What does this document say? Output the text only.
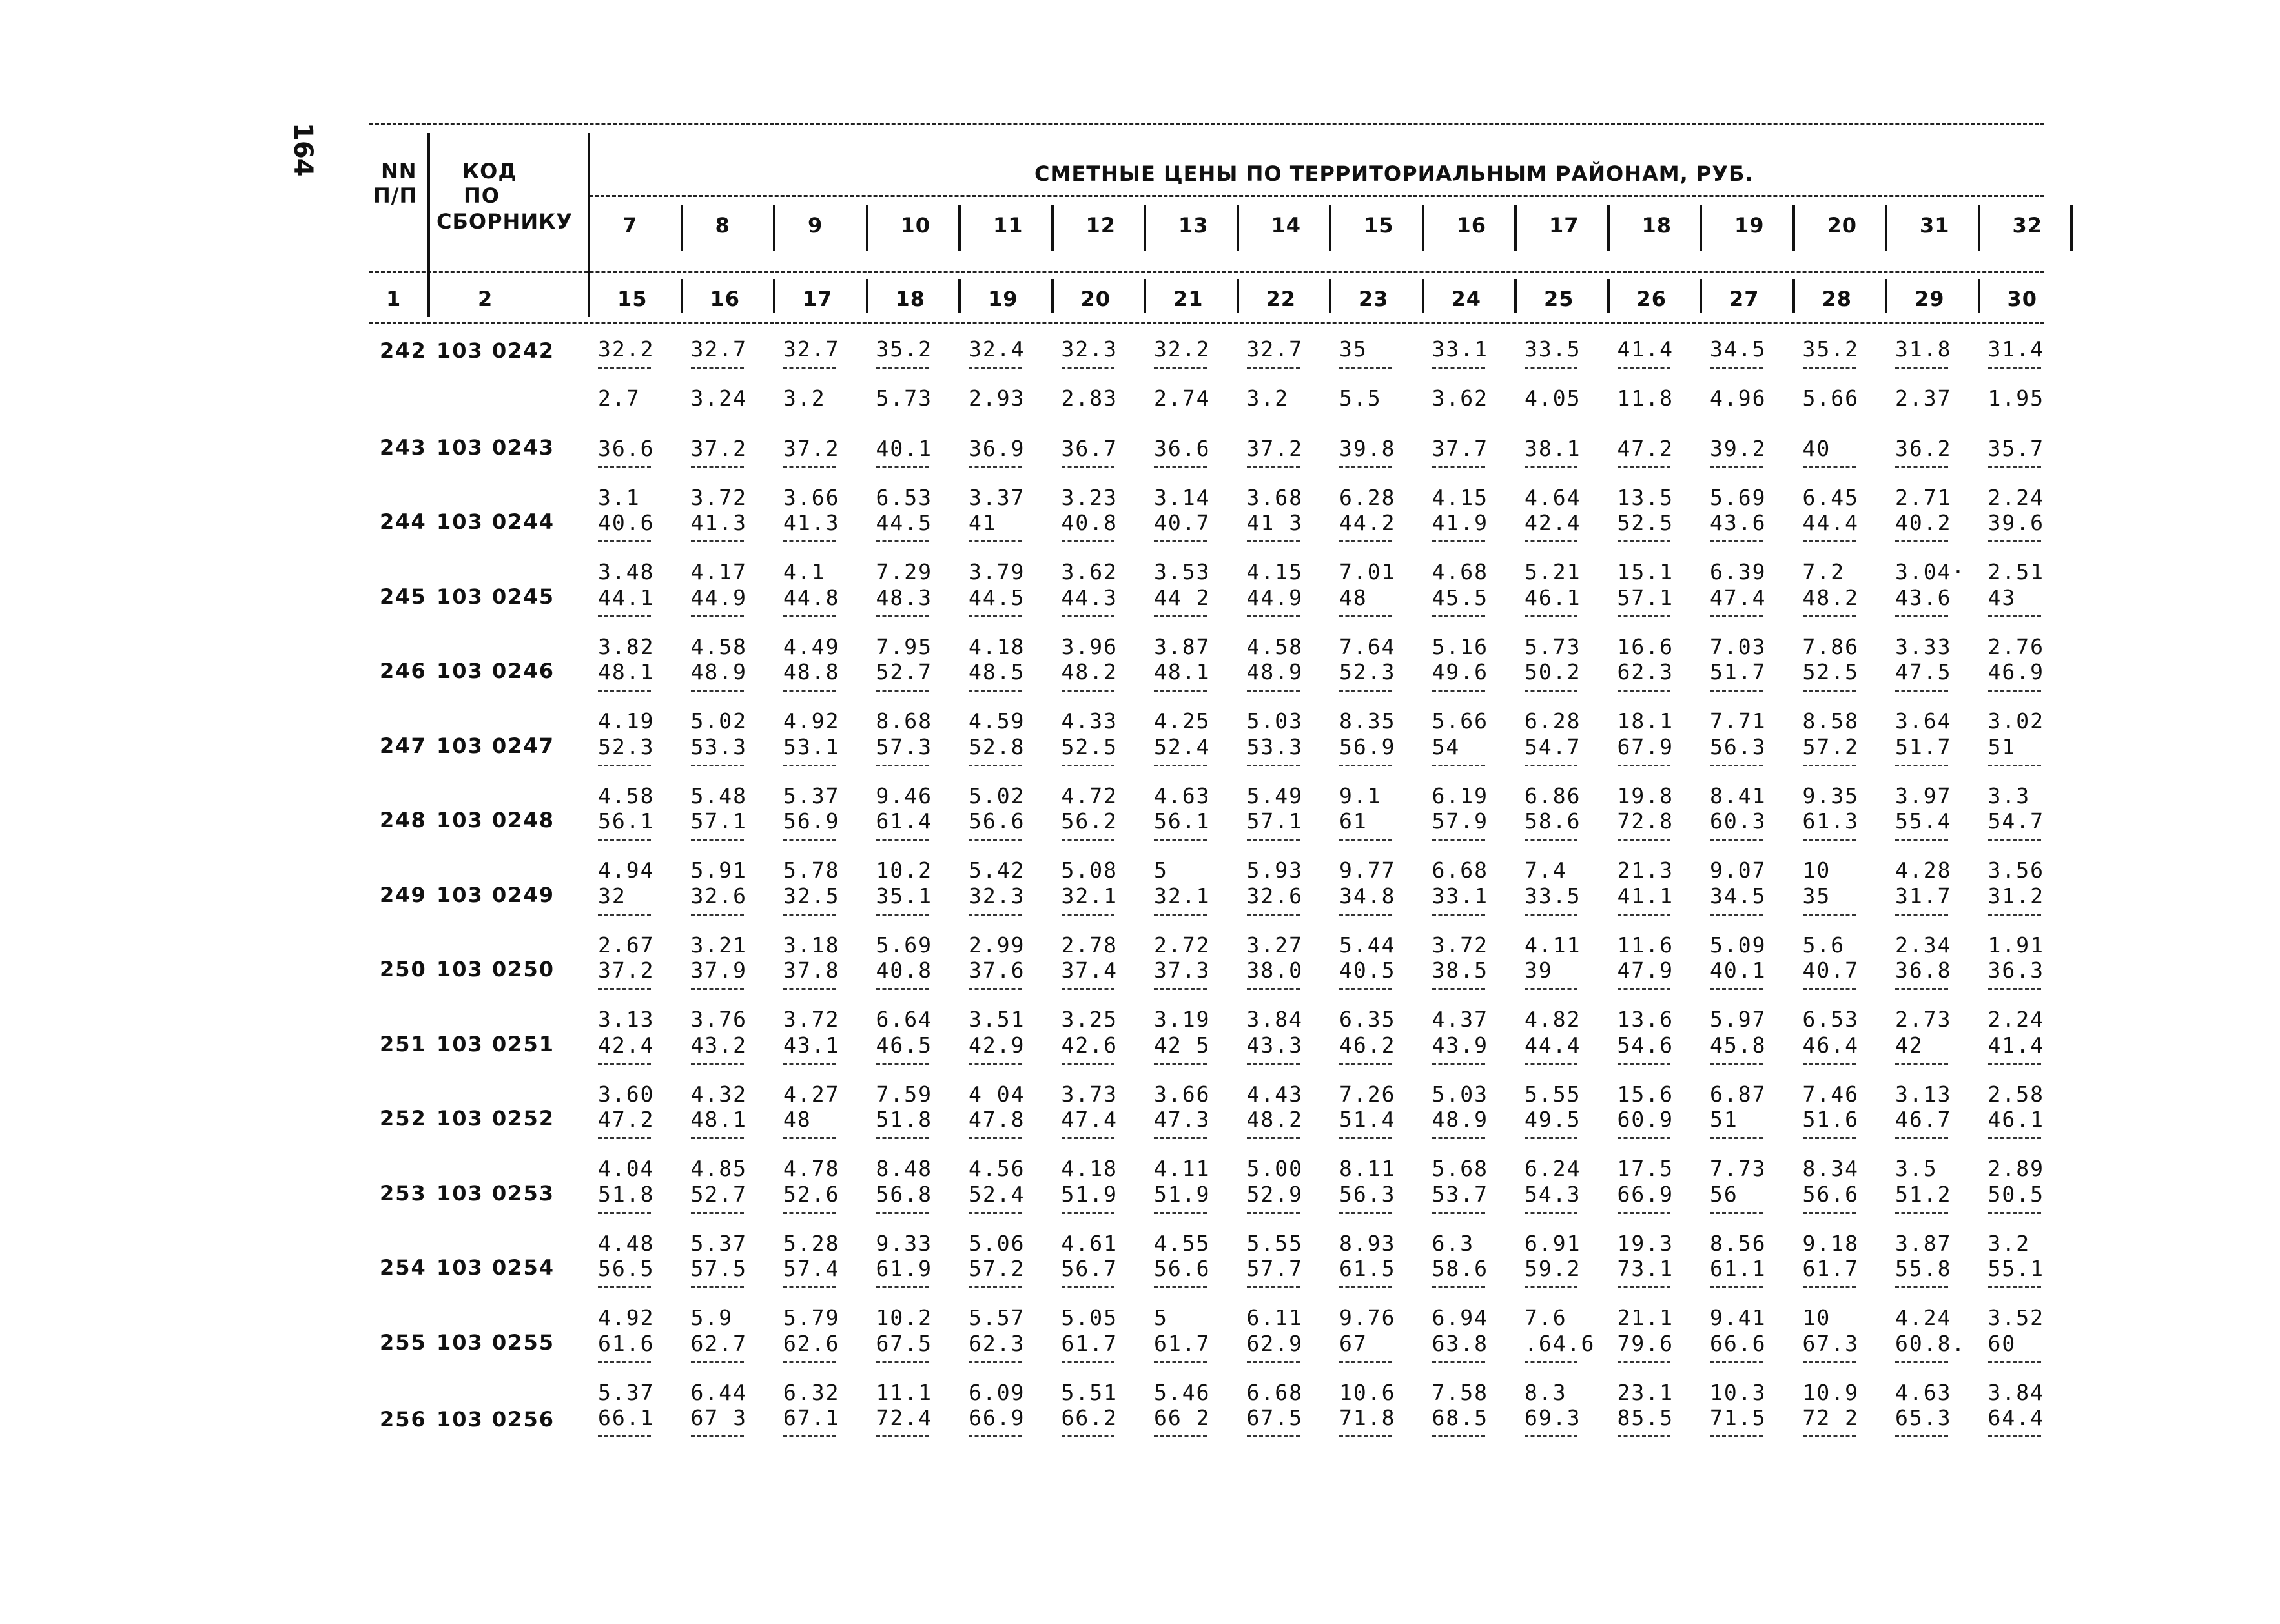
164	NN
П/П
КОД
ПО
СБОРНИКУ
СМЕТНЫЕ ЦЕНЫ ПО ТЕРРИТОРИАЛЬНЫМ РАЙОНАМ, РУБ.
1	2
7
15
8
16
9
17
10
18
11
19
12
20
13
21
14
22
15
23
16
24
17
25
18
26
19
27
20
28
31
29
32
30
242 103 0242 32.2
2.7
32.7
3.24
32.7
3.2
35.2
5.73
32.4
2.93
32.3
2.83
32.2
2.74
32.7
3.2
35
5.5
33.1
3.62
33.5
4.05
41.4
11.8
34.5
4.96
35.2
5.66
31.8
2.37
31.4
1.95
243 103 0243 36.6
3.1
37.2
3.72
37.2
3.66
40.1
6.53
36.9
3.37
36.7
3.23
36.6
3.14
37.2
3.68
39.8
6.28
37.7
4.15
38.1
4.64
47.2
13.5
39.2
5.69
40
6.45
36.2
2.71
35.7
2.24
244 103 0244 40.6
3.48
41.3
4.17
41.3
4.1
44.5
7.29
41
3.79
40.8
3.62
40.7
3.53
41 3
4.15
44.2
7.01
41.9
4.68
42.4
5.21
52.5
15.1
43.6
6.39
44.4
7.2
40.2
3.04·
39.6
2.51
245 103 0245 44.1
3.82
44.9
4.58
44.8
4.49
48.3
7.95
44.5
4.18
44.3
3.96
44 2
3.87
44.9
4.58
48
7.64
45.5
5.16
46.1
5.73
57.1
16.6
47.4
7.03
48.2
7.86
43.6
3.33
43
2.76
246 103 0246 48.1
4.19
48.9
5.02
48.8
4.92
52.7
8.68
48.5
4.59
48.2
4.33
48.1
4.25
48.9
5.03
52.3
8.35
49.6
5.66
50.2
6.28
62.3
18.1
51.7
7.71
52.5
8.58
47.5
3.64
46.9
3.02
247 103 0247 52.3
4.58
53.3
5.48
53.1
5.37
57.3
9.46
52.8
5.02
52.5
4.72
52.4
4.63
53.3
5.49
56.9
9.1
54
6.19
54.7
6.86
67.9
19.8
56.3
8.41
57.2
9.35
51.7
3.97
51
3.3
248 103 0248 56.1
4.94
57.1
5.91
56.9
5.78
61.4
10.2
56.6
5.42
56.2
5.08
56.1
5
57.1
5.93
61
9.77
57.9
6.68
58.6
7.4
72.8
21.3
60.3
9.07
61.3
10
55.4
4.28
54.7
3.56
249 103 0249 32
2.67
32.6
3.21
32.5
3.18
35.1
5.69
32.3
2.99
32.1
2.78
32.1
2.72
32.6
3.27
34.8
5.44
33.1
3.72
33.5
4.11
41.1
11.6
34.5
5.09
35
5.6
31.7
2.34
31.2
1.91
250 103 0250 37.2
3.13
37.9
3.76
37.8
3.72
40.8
6.64
37.6
3.51
37.4
3.25
37.3
3.19
38.0
3.84
40.5
6.35
38.5
4.37
39
4.82
47.9
13.6
40.1
5.97
40.7
6.53
36.8
2.73
36.3
2.24
251 103 0251 42.4
3.60
43.2
4.32
43.1
4.27
46.5
7.59
42.9
4 04
42.6
3.73
42 5
3.66
43.3
4.43
46.2
7.26
43.9
5.03
44.4
5.55
54.6
15.6
45.8
6.87
46.4
7.46
42
3.13
41.4
2.58
252 103 0252 47.2
4.04
48.1
4.85
48
4.78
51.8
8.48
47.8
4.56
47.4
4.18
47.3
4.11
48.2
5.00
51.4
8.11
48.9
5.68
49.5
6.24
60.9
17.5
51
7.73
51.6
8.34
46.7
3.5
46.1
2.89
253 103 0253 51.8
4.48
52.7
5.37
52.6
5.28
56.8
9.33
52.4
5.06
51.9
4.61
51.9
4.55
52.9
5.55
56.3
8.93
53.7
6.3
54.3
6.91
66.9
19.3
56
8.56
56.6
9.18
51.2
3.87
50.5
3.2
254 103 0254 56.5
4.92
57.5
5.9
57.4
5.79
61.9
10.2
57.2
5.57
56.7
5.05
56.6
5
57.7
6.11
61.5
9.76
58.6
6.94
59.2
7.6
73.1
21.1
61.1
9.41
61.7
10
55.8
4.24
55.1
3.52
255 103 0255 61.6
5.37
62.7
6.44
62.6
6.32
67.5
11.1
62.3
6.09
61.7
5.51
61.7
5.46
62.9
6.68
67
10.6
63.8
7.58
.64.6
8.3
79.6
23.1
66.6
10.3
67.3
10.9
60.8.
4.63
60
3.84
256 103 0256 66.1 67 3 67.1 72.4 66.9 66.2 66 2 67.5 71.8 68.5 69.3 85.5 71.5 72 2 65.3 64.4
